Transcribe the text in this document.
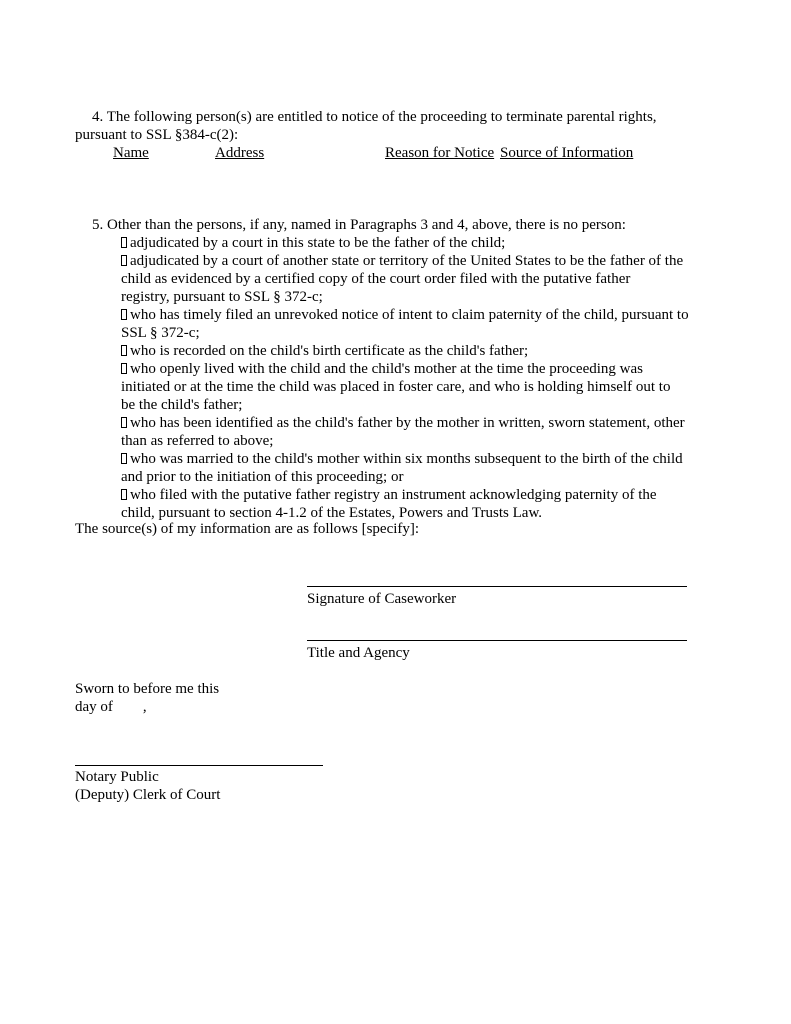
4. The following person(s) are entitled to notice of the proceeding to terminate parental rights,
pursuant to SSL §384-c(2):
Name	Address	Reason for Notice Source of Information
5. Other than the persons, if any, named in Paragraphs 3 and 4, above, there is no person:
adjudicated by a court in this state to be the father of the child;
adjudicated by a court of another state or territory of the United States to be the father of the
child as evidenced by a certified copy of the court order filed with the putative father
registry, pursuant to SSL § 372-c;
who has timely filed an unrevoked notice of intent to claim paternity of the child, pursuant to
SSL § 372-c;
who is recorded on the child's birth certificate as the child's father;
who openly lived with the child and the child's mother at the time the proceeding was
initiated or at the time the child was placed in foster care, and who is holding himself out to
be the child's father;
who has been identified as the child's father by the mother in written, sworn statement, other
than as referred to above;
who was married to the child's mother within six months subsequent to the birth of the child
and prior to the initiation of this proceeding; or
who filed with the putative father registry an instrument acknowledging paternity of the
child, pursuant to section 4-1.2 of the Estates, Powers and Trusts Law.
The source(s) of my information are as follows [specify]:
Signature of Caseworker
Title and Agency
Sworn to before me this
day of        ,
Notary Public
(Deputy) Clerk of Court
